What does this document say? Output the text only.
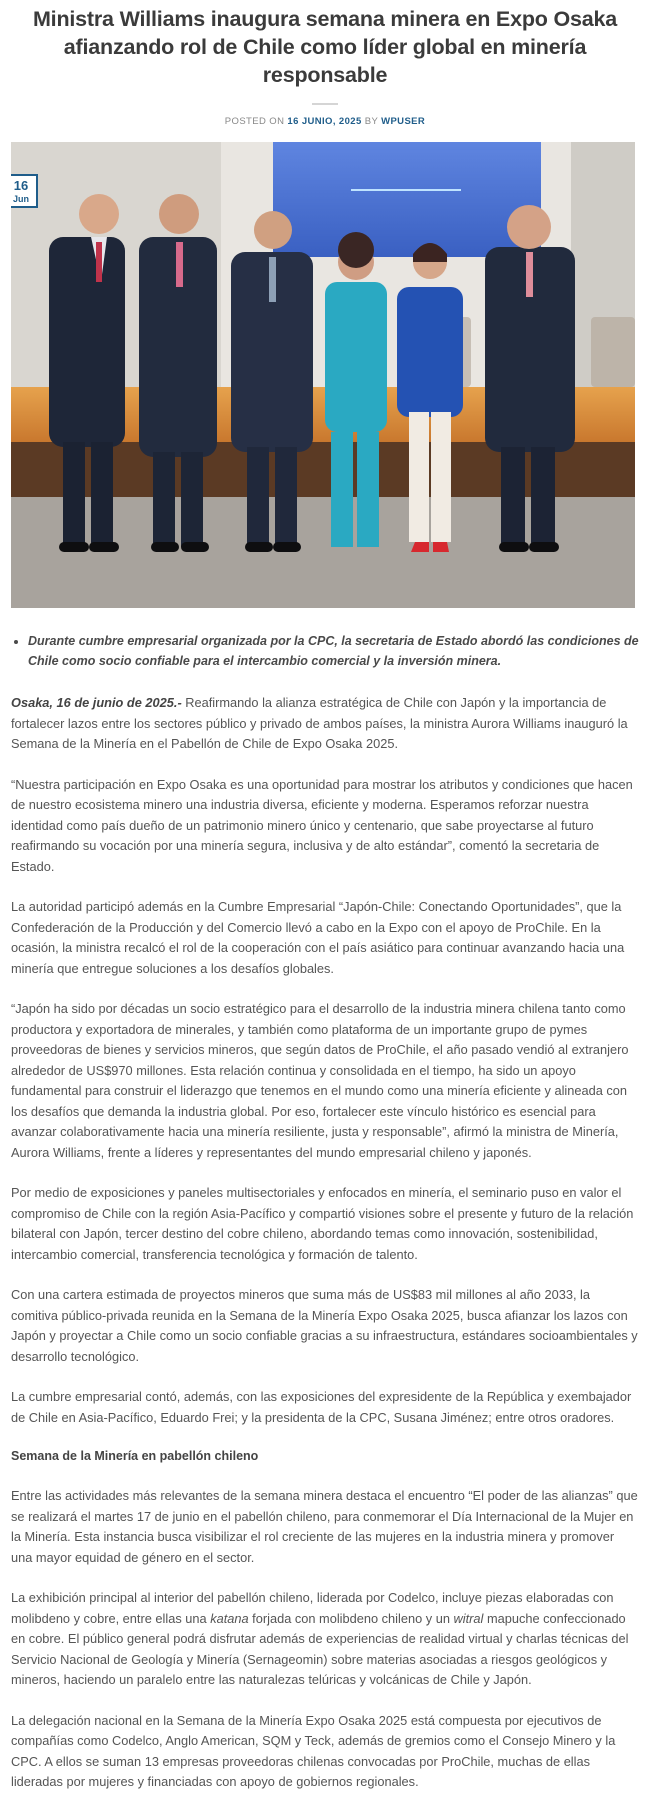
Ministra Williams inaugura semana minera en Expo Osaka afianzando rol de Chile como líder global en minería responsable
POSTED ON 16 JUNIO, 2025 BY WPUSER
16
Jun
• Durante cumbre empresarial organizada por la CPC, la secretaria de Estado abordó las condiciones de Chile como socio confiable para el intercambio comercial y la inversión minera.

Osaka, 16 de junio de 2025.- Reafirmando la alianza estratégica de Chile con Japón y la importancia de fortalecer lazos entre los sectores público y privado de ambos países, la ministra Aurora Williams inauguró la Semana de la Minería en el Pabellón de Chile de Expo Osaka 2025.

“Nuestra participación en Expo Osaka es una oportunidad para mostrar los atributos y condiciones que hacen de nuestro ecosistema minero una industria diversa, eficiente y moderna. Esperamos reforzar nuestra identidad como país dueño de un patrimonio minero único y centenario, que sabe proyectarse al futuro reafirmando su vocación por una minería segura, inclusiva y de alto estándar”, comentó la secretaria de Estado.

La autoridad participó además en la Cumbre Empresarial “Japón-Chile: Conectando Oportunidades”, que la Confederación de la Producción y del Comercio llevó a cabo en la Expo con el apoyo de ProChile. En la ocasión, la ministra recalcó el rol de la cooperación con el país asiático para continuar avanzando hacia una minería que entregue soluciones a los desafíos globales.

“Japón ha sido por décadas un socio estratégico para el desarrollo de la industria minera chilena tanto como productora y exportadora de minerales, y también como plataforma de un importante grupo de pymes proveedoras de bienes y servicios mineros, que según datos de ProChile, el año pasado vendió al extranjero alrededor de US$970 millones. Esta relación continua y consolidada en el tiempo, ha sido un apoyo fundamental para construir el liderazgo que tenemos en el mundo como una minería eficiente y alineada con los desafíos que demanda la industria global. Por eso, fortalecer este vínculo histórico es esencial para avanzar colaborativamente hacia una minería resiliente, justa y responsable”, afirmó la ministra de Minería, Aurora Williams, frente a líderes y representantes del mundo empresarial chileno y japonés.

Por medio de exposiciones y paneles multisectoriales y enfocados en minería, el seminario puso en valor el compromiso de Chile con la región Asia-Pacífico y compartió visiones sobre el presente y futuro de la relación bilateral con Japón, tercer destino del cobre chileno, abordando temas como innovación, sostenibilidad, intercambio comercial, transferencia tecnológica y formación de talento.

Con una cartera estimada de proyectos mineros que suma más de US$83 mil millones al año 2033, la comitiva público-privada reunida en la Semana de la Minería Expo Osaka 2025, busca afianzar los lazos con Japón y proyectar a Chile como un socio confiable gracias a su infraestructura, estándares socioambientales y desarrollo tecnológico.

La cumbre empresarial contó, además, con las exposiciones del expresidente de la República y exembajador de Chile en Asia-Pacífico, Eduardo Frei; y la presidenta de la CPC, Susana Jiménez; entre otros oradores.

Semana de la Minería en pabellón chileno

Entre las actividades más relevantes de la semana minera destaca el encuentro “El poder de las alianzas” que se realizará el martes 17 de junio en el pabellón chileno, para conmemorar el Día Internacional de la Mujer en la Minería. Esta instancia busca visibilizar el rol creciente de las mujeres en la industria minera y promover una mayor equidad de género en el sector.

La exhibición principal al interior del pabellón chileno, liderada por Codelco, incluye piezas elaboradas con molibdeno y cobre, entre ellas una katana forjada con molibdeno chileno y un witral mapuche confeccionado en cobre. El público general podrá disfrutar además de experiencias de realidad virtual y charlas técnicas del Servicio Nacional de Geología y Minería (Sernageomin) sobre materias asociadas a riesgos geológicos y mineros, haciendo un paralelo entre las naturalezas telúricas y volcánicas de Chile y Japón.

La delegación nacional en la Semana de la Minería Expo Osaka 2025 está compuesta por ejecutivos de compañías como Codelco, Anglo American, SQM y Teck, además de gremios como el Consejo Minero y la CPC. A ellos se suman 13 empresas proveedoras chilenas convocadas por ProChile, muchas de ellas lideradas por mujeres y financiadas con apoyo de gobiernos regionales.
